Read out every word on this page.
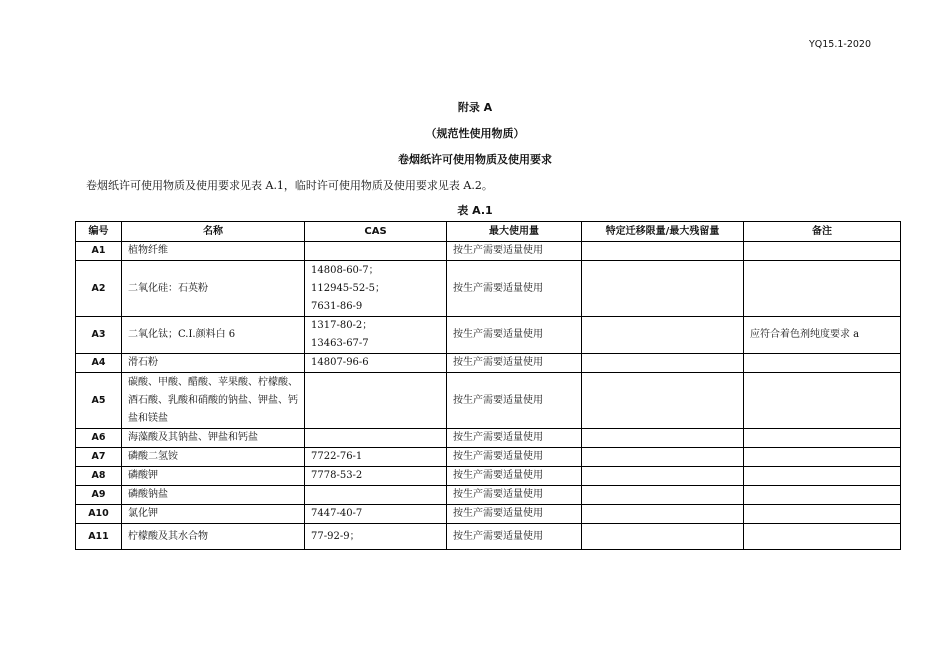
YQ15.1-2020
附录 A
（规范性使用物质）
卷烟纸许可使用物质及使用要求
卷烟纸许可使用物质及使用要求见表 A.1，临时许可使用物质及使用要求见表 A.2。
表 A.1
编号	名称	CAS	最大使用量	特定迁移限量/最大残留量	备注
A1	植物纤维		按生产需要适量使用		
A2	二氧化硅：石英粉	14808-60-7；
112945-52-5；
7631-86-9	按生产需要适量使用		
A3	二氧化钛；C.I.颜料白 6	1317-80-2；
13463-67-7	按生产需要适量使用		应符合着色剂纯度要求 a
A4	滑石粉	14807-96-6	按生产需要适量使用		
A5	碳酸、甲酸、醋酸、苹果酸、柠檬酸、酒石酸、乳酸和硝酸的钠盐、钾盐、钙盐和镁盐		按生产需要适量使用		
A6	海藻酸及其钠盐、钾盐和钙盐		按生产需要适量使用		
A7	磷酸二氢铵	7722-76-1	按生产需要适量使用		
A8	磷酸钾	7778-53-2	按生产需要适量使用		
A9	磷酸钠盐		按生产需要适量使用		
A10	氯化钾	7447-40-7	按生产需要适量使用		
A11	柠檬酸及其水合物	77-92-9；	按生产需要适量使用		
